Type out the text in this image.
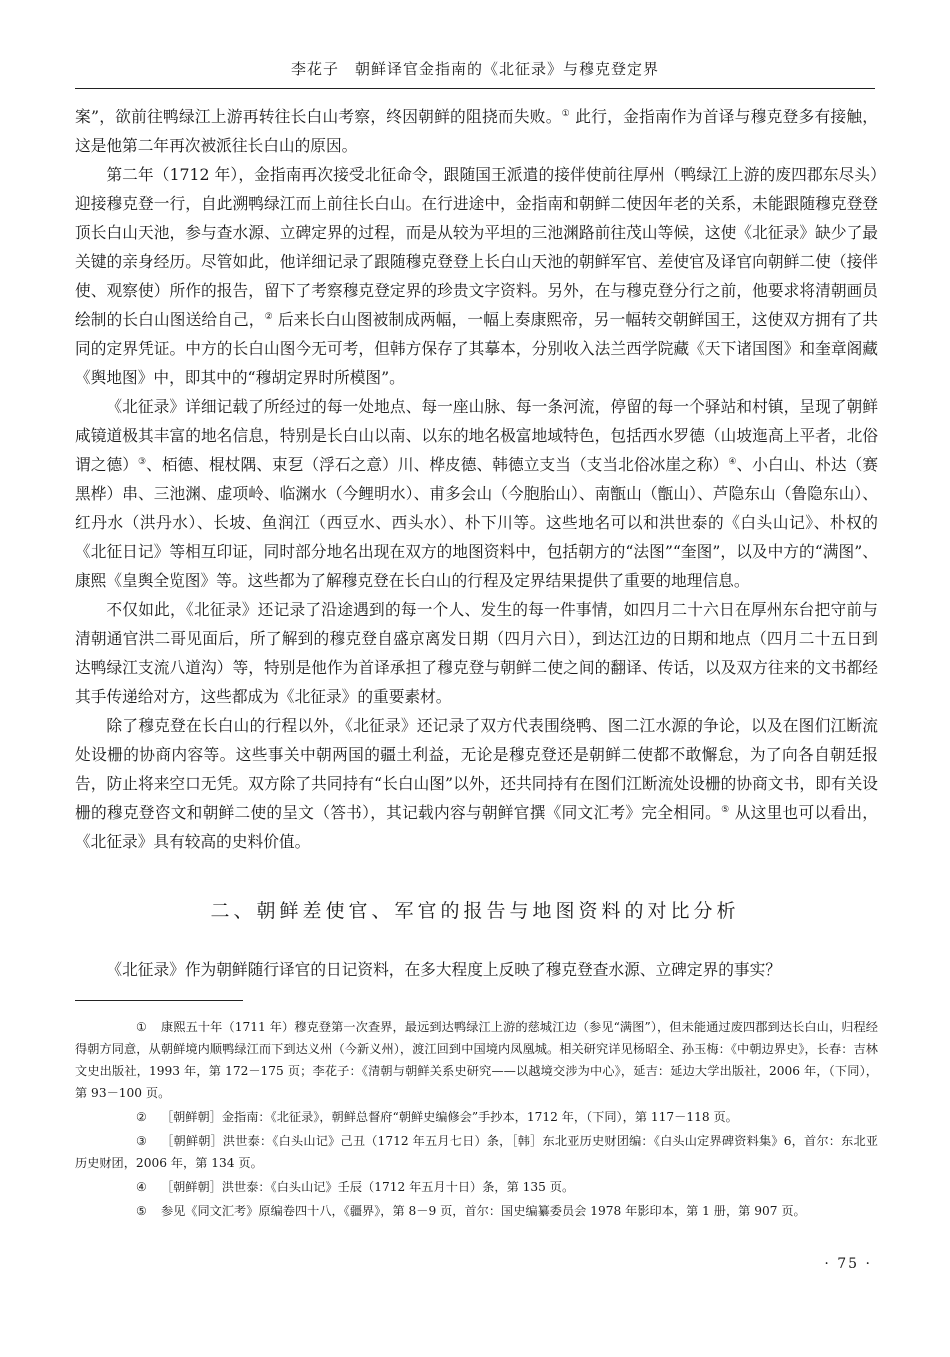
李花子　朝鲜译官金指南的《北征录》与穆克登定界

案”，欲前往鸭绿江上游再转往长白山考察，终因朝鲜的阻挠而失败。① 此行，金指南作为首译与穆克登多有接触，这是他第二年再次被派往长白山的原因。

第二年（1712 年），金指南再次接受北征命令，跟随国王派遣的接伴使前往厚州（鸭绿江上游的废四郡东尽头）迎接穆克登一行，自此溯鸭绿江而上前往长白山。在行进途中，金指南和朝鲜二使因年老的关系，未能跟随穆克登登顶长白山天池，参与查水源、立碑定界的过程，而是从较为平坦的三池渊路前往茂山等候，这使《北征录》缺少了最关键的亲身经历。尽管如此，他详细记录了跟随穆克登登上长白山天池的朝鲜军官、差使官及译官向朝鲜二使（接伴使、观察使）所作的报告，留下了考察穆克登定界的珍贵文字资料。另外，在与穆克登分行之前，他要求将清朝画员绘制的长白山图送给自己，② 后来长白山图被制成两幅，一幅上奏康熙帝，另一幅转交朝鲜国王，这使双方拥有了共同的定界凭证。中方的长白山图今无可考，但韩方保存了其摹本，分别收入法兰西学院藏《天下诸国图》和奎章阁藏《舆地图》中，即其中的“穆胡定界时所模图”。

《北征录》详细记载了所经过的每一处地点、每一座山脉、每一条河流，停留的每一个驿站和村镇，呈现了朝鲜咸镜道极其丰富的地名信息，特别是长白山以南、以东的地名极富地域特色，包括西水罗德（山坡迤高上平者，北俗谓之德）③、栢德、棍杖隅、束乭（浮石之意）川、桦皮德、韩德立支当（支当北俗冰崖之称）④、小白山、朴达（赛黑桦）串、三池渊、虚项岭、临渊水（今鲤明水）、甫多会山（今胞胎山）、南甑山（甑山）、芦隐东山（鲁隐东山）、红丹水（洪丹水）、长坡、鱼润江（西豆水、西头水）、朴下川等。这些地名可以和洪世泰的《白头山记》、朴权的《北征日记》等相互印证，同时部分地名出现在双方的地图资料中，包括朝方的“法图”“奎图”，以及中方的“满图”、康熙《皇舆全览图》等。这些都为了解穆克登在长白山的行程及定界结果提供了重要的地理信息。

不仅如此，《北征录》还记录了沿途遇到的每一个人、发生的每一件事情，如四月二十六日在厚州东台把守前与清朝通官洪二哥见面后，所了解到的穆克登自盛京离发日期（四月六日），到达江边的日期和地点（四月二十五日到达鸭绿江支流八道沟）等，特别是他作为首译承担了穆克登与朝鲜二使之间的翻译、传话，以及双方往来的文书都经其手传递给对方，这些都成为《北征录》的重要素材。

除了穆克登在长白山的行程以外，《北征录》还记录了双方代表围绕鸭、图二江水源的争论，以及在图们江断流处设栅的协商内容等。这些事关中朝两国的疆土利益，无论是穆克登还是朝鲜二使都不敢懈怠，为了向各自朝廷报告，防止将来空口无凭。双方除了共同持有“长白山图”以外，还共同持有在图们江断流处设栅的协商文书，即有关设栅的穆克登咨文和朝鲜二使的呈文（答书），其记载内容与朝鲜官撰《同文汇考》完全相同。⑤ 从这里也可以看出，《北征录》具有较高的史料价值。

二、朝鲜差使官、军官的报告与地图资料的对比分析
《北征录》作为朝鲜随行译官的日记资料，在多大程度上反映了穆克登查水源、立碑定界的事实？

① 康熙五十年（1711 年）穆克登第一次查界，最远到达鸭绿江上游的慈城江边（参见“满图”），但未能通过废四郡到达长白山，归程经得朝方同意，从朝鲜境内顺鸭绿江而下到达义州（今新义州），渡江回到中国境内凤凰城。相关研究详见杨昭全、孙玉梅：《中朝边界史》，长春：吉林文史出版社，1993 年，第 172－175 页；李花子：《清朝与朝鲜关系史研究——以越境交涉为中心》，延吉：延边大学出版社，2006 年，（下同），第 93－100 页。

② ［朝鲜朝］金指南：《北征录》，朝鲜总督府“朝鲜史编修会”手抄本，1712 年，（下同），第 117－118 页。

③ ［朝鲜朝］洪世泰：《白头山记》己丑（1712 年五月七日）条，［韩］东北亚历史财团编：《白头山定界碑资料集》6，首尔：东北亚历史财团，2006 年，第 134 页。

④ ［朝鲜朝］洪世泰：《白头山记》壬辰（1712 年五月十日）条，第 135 页。

⑤ 参见《同文汇考》原编卷四十八，《疆界》，第 8－9 页，首尔：国史编纂委员会 1978 年影印本，第 1 册，第 907 页。

· 75 ·
